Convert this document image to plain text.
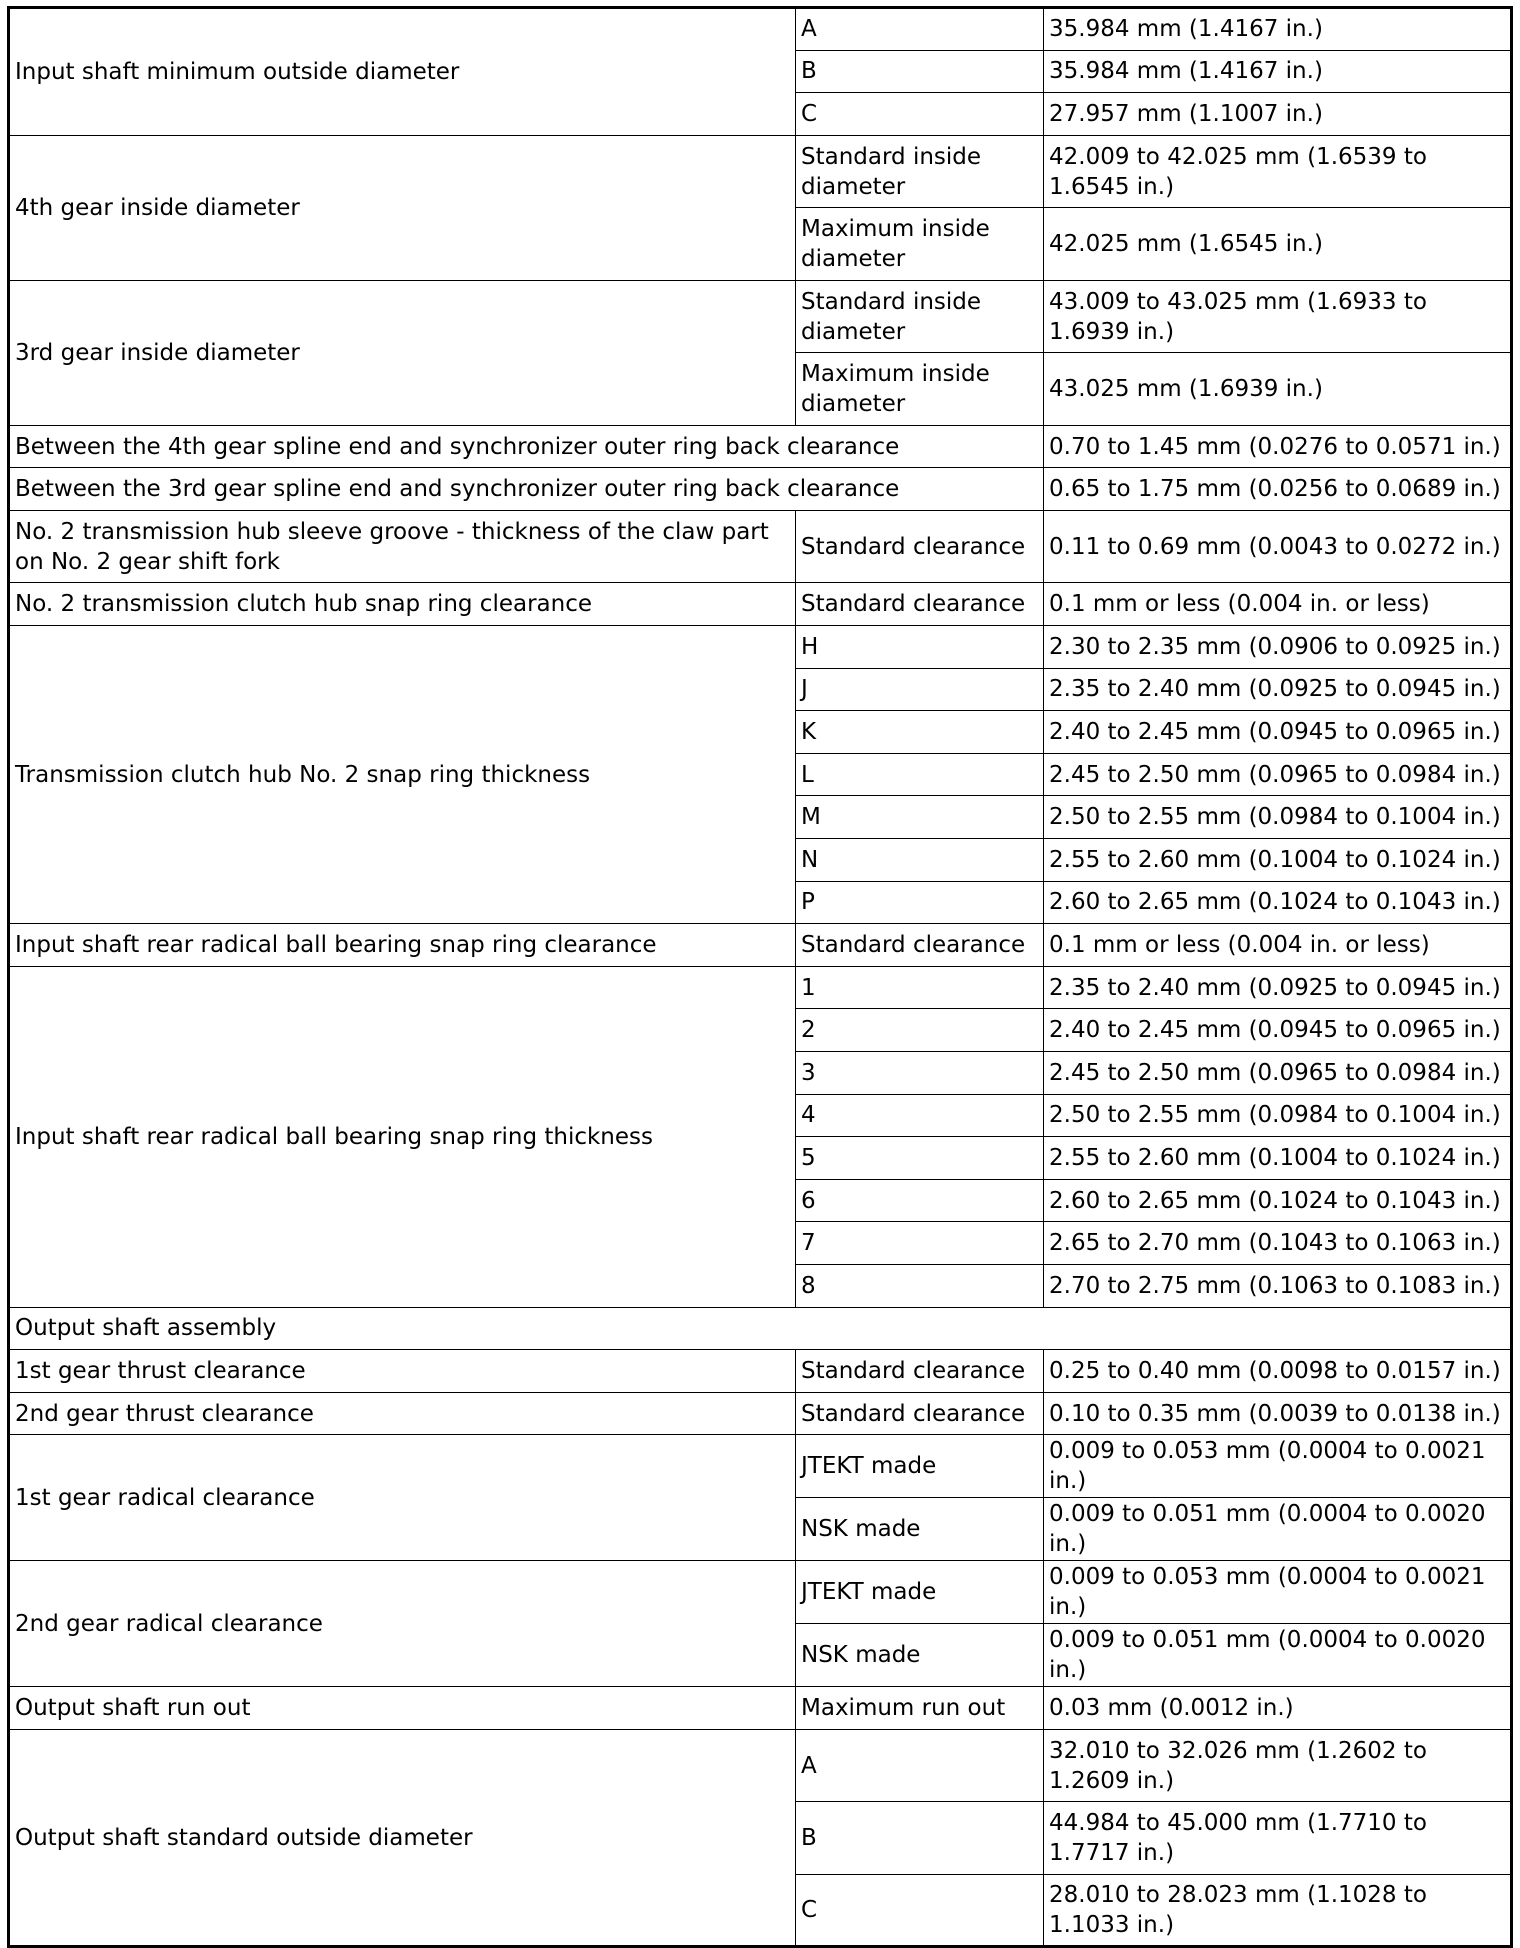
Input shaft minimum outside diameter	A	35.984 mm (1.4167 in.)
	B	35.984 mm (1.4167 in.)
	C	27.957 mm (1.1007 in.)
4th gear inside diameter	Standard inside diameter	42.009 to 42.025 mm (1.6539 to 1.6545 in.)
	Maximum inside diameter	42.025 mm (1.6545 in.)
3rd gear inside diameter	Standard inside diameter	43.009 to 43.025 mm (1.6933 to 1.6939 in.)
	Maximum inside diameter	43.025 mm (1.6939 in.)
Between the 4th gear spline end and synchronizer outer ring back clearance		0.70 to 1.45 mm (0.0276 to 0.0571 in.)
Between the 3rd gear spline end and synchronizer outer ring back clearance		0.65 to 1.75 mm (0.0256 to 0.0689 in.)
No. 2 transmission hub sleeve groove - thickness of the claw part on No. 2 gear shift fork	Standard clearance	0.11 to 0.69 mm (0.0043 to 0.0272 in.)
No. 2 transmission clutch hub snap ring clearance	Standard clearance	0.1 mm or less (0.004 in. or less)
Transmission clutch hub No. 2 snap ring thickness	H	2.30 to 2.35 mm (0.0906 to 0.0925 in.)
	J	2.35 to 2.40 mm (0.0925 to 0.0945 in.)
	K	2.40 to 2.45 mm (0.0945 to 0.0965 in.)
	L	2.45 to 2.50 mm (0.0965 to 0.0984 in.)
	M	2.50 to 2.55 mm (0.0984 to 0.1004 in.)
	N	2.55 to 2.60 mm (0.1004 to 0.1024 in.)
	P	2.60 to 2.65 mm (0.1024 to 0.1043 in.)
Input shaft rear radical ball bearing snap ring clearance	Standard clearance	0.1 mm or less (0.004 in. or less)
Input shaft rear radical ball bearing snap ring thickness	1	2.35 to 2.40 mm (0.0925 to 0.0945 in.)
	2	2.40 to 2.45 mm (0.0945 to 0.0965 in.)
	3	2.45 to 2.50 mm (0.0965 to 0.0984 in.)
	4	2.50 to 2.55 mm (0.0984 to 0.1004 in.)
	5	2.55 to 2.60 mm (0.1004 to 0.1024 in.)
	6	2.60 to 2.65 mm (0.1024 to 0.1043 in.)
	7	2.65 to 2.70 mm (0.1043 to 0.1063 in.)
	8	2.70 to 2.75 mm (0.1063 to 0.1083 in.)
Output shaft assembly		
1st gear thrust clearance	Standard clearance	0.25 to 0.40 mm (0.0098 to 0.0157 in.)
2nd gear thrust clearance	Standard clearance	0.10 to 0.35 mm (0.0039 to 0.0138 in.)
1st gear radical clearance	JTEKT made	0.009 to 0.053 mm (0.0004 to 0.0021 in.)
	NSK made	0.009 to 0.051 mm (0.0004 to 0.0020 in.)
2nd gear radical clearance	JTEKT made	0.009 to 0.053 mm (0.0004 to 0.0021 in.)
	NSK made	0.009 to 0.051 mm (0.0004 to 0.0020 in.)
Output shaft run out	Maximum run out	0.03 mm (0.0012 in.)
Output shaft standard outside diameter	A	32.010 to 32.026 mm (1.2602 to 1.2609 in.)
	B	44.984 to 45.000 mm (1.7710 to 1.7717 in.)
	C	28.010 to 28.023 mm (1.1028 to 1.1033 in.)
